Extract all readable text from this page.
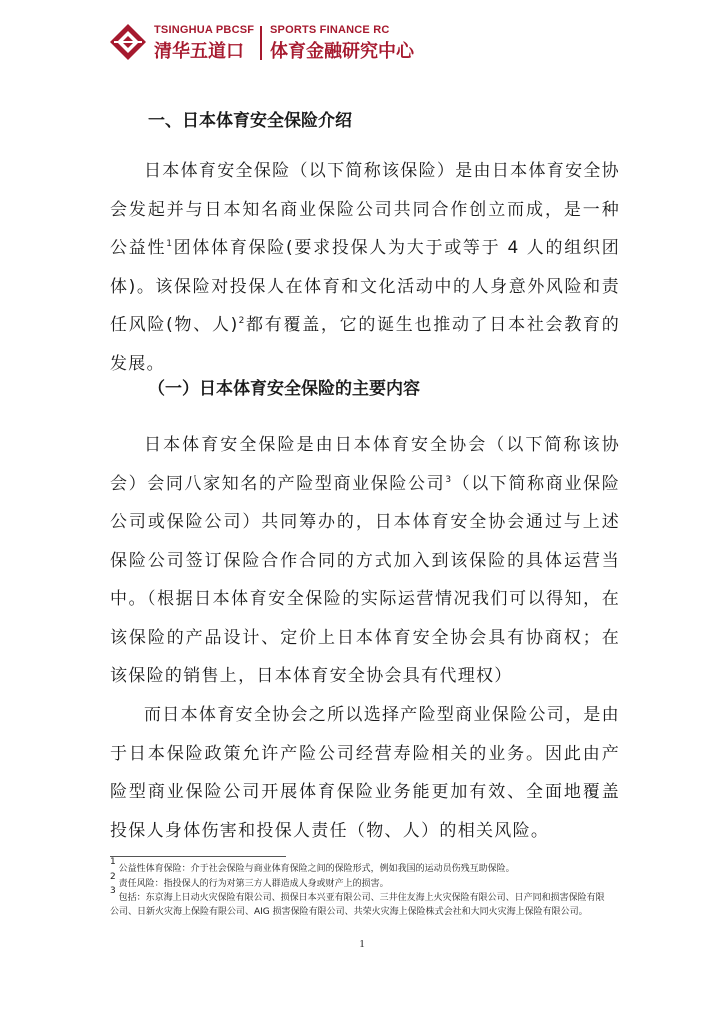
TSINGHUA PBCSF
清华五道口
SPORTS FINANCE RC
体育金融研究中心
一、日本体育安全保险介绍

日本体育安全保险（以下简称该保险）是由日本体育安全协会发起并与日本知名商业保险公司共同合作创立而成，是一种公益性$^1$团体体育保险(要求投保人为大于或等于 4 人的组织团体)。该保险对投保人在体育和文化活动中的人身意外风险和责任风险(物、人)$^2$都有覆盖，它的诞生也推动了日本社会教育的发展。

（一）日本体育安全保险的主要内容

日本体育安全保险是由日本体育安全协会（以下简称该协会）会同八家知名的产险型商业保险公司$^3$（以下简称商业保险公司或保险公司）共同筹办的，日本体育安全协会通过与上述保险公司签订保险合作合同的方式加入到该保险的具体运营当中。（根据日本体育安全保险的实际运营情况我们可以得知，在该保险的产品设计、定价上日本体育安全协会具有协商权；在该保险的销售上，日本体育安全协会具有代理权）

而日本体育安全协会之所以选择产险型商业保险公司，是由于日本保险政策允许产险公司经营寿险相关的业务。因此由产险型商业保险公司开展体育保险业务能更加有效、全面地覆盖投保人身体伤害和投保人责任（物、人）的相关风险。

$^1$ 公益性体育保险：介于社会保险与商业体育保险之间的保险形式，例如我国的运动员伤残互助保险。

$^2$ 责任风险：指投保人的行为对第三方人群造成人身或财产上的损害。

$^3$ 包括：东京海上日动火灾保险有限公司、损保日本兴亚有限公司、三井住友海上火灾保险有限公司、日产同和损害保险有限公司、日新火灾海上保险有限公司、AIG 损害保险有限公司、共荣火灾海上保险株式会社和大同火灾海上保险有限公司。

1
